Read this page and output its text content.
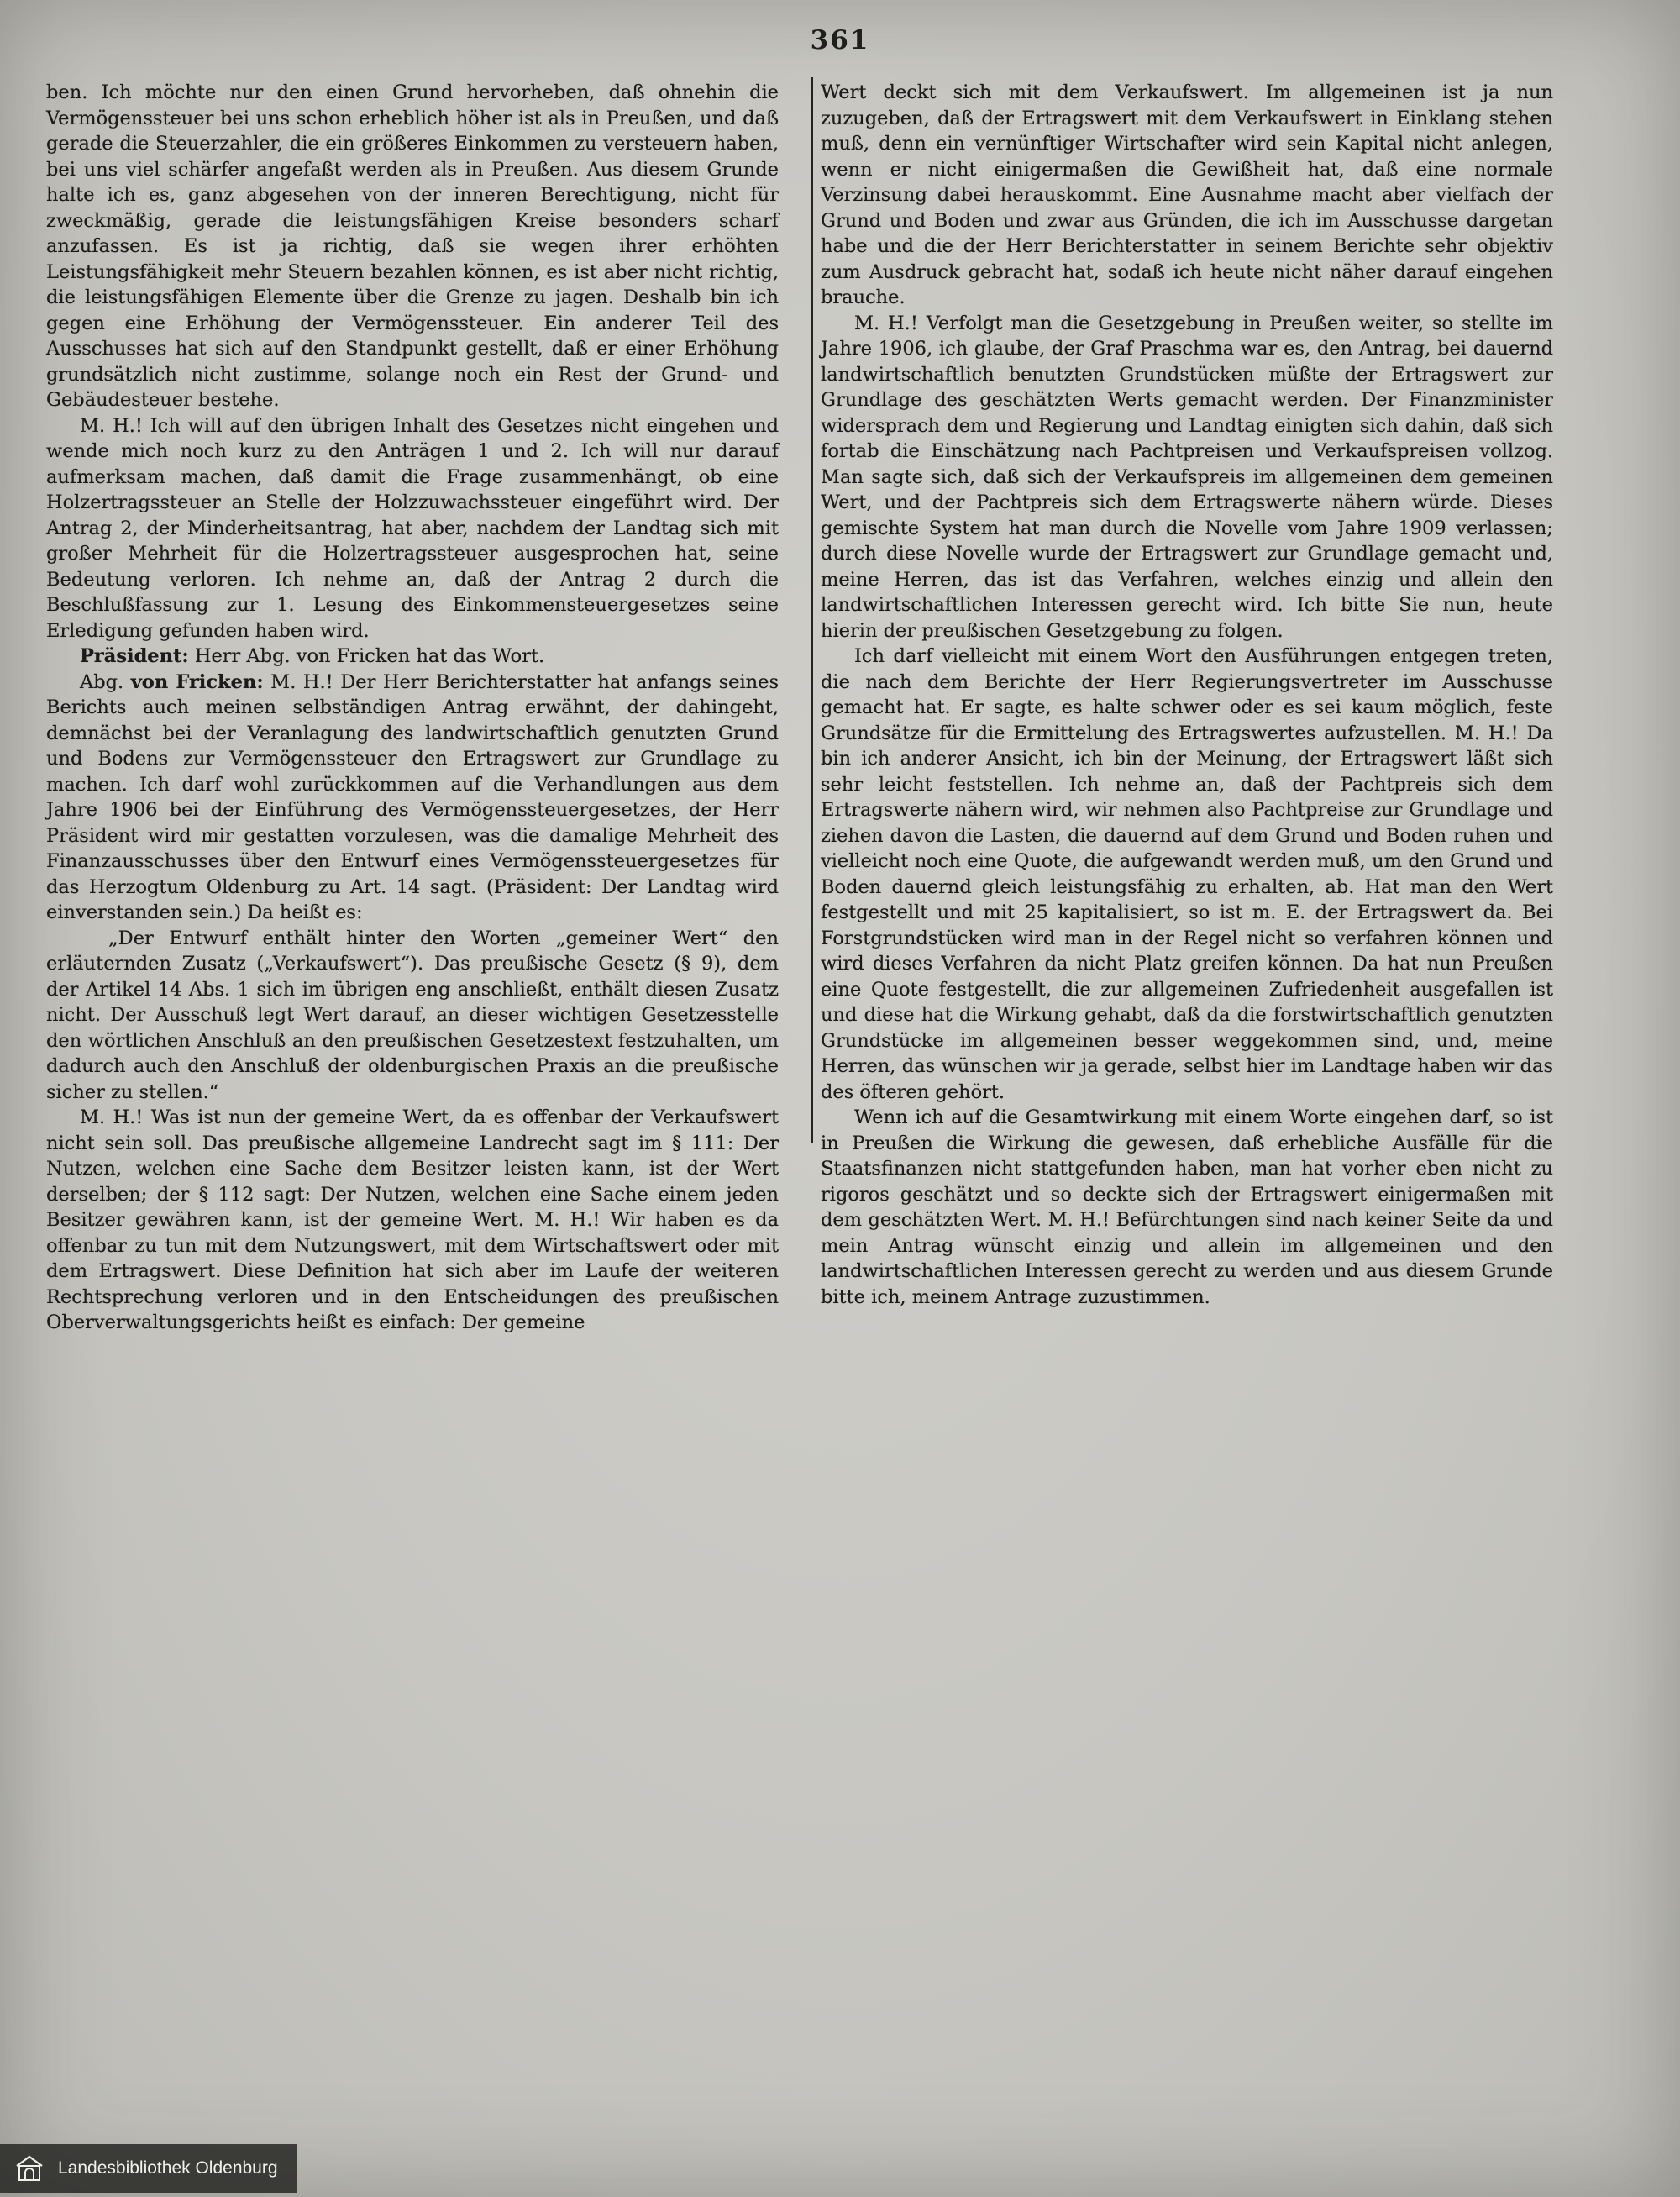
361

ben. Ich möchte nur den einen Grund hervorheben, daß ohnehin die Vermögenssteuer bei uns schon erheblich höher ist als in Preußen, und daß gerade die Steuerzahler, die ein größeres Einkommen zu versteuern haben, bei uns viel schärfer angefaßt werden als in Preußen. Aus diesem Grunde halte ich es, ganz abgesehen von der inneren Berechtigung, nicht für zweckmäßig, gerade die leistungsfähigen Kreise besonders scharf anzufassen. Es ist ja richtig, daß sie wegen ihrer erhöhten Leistungsfähigkeit mehr Steuern bezahlen können, es ist aber nicht richtig, die leistungsfähigen Elemente über die Grenze zu jagen. Deshalb bin ich gegen eine Erhöhung der Vermögenssteuer. Ein anderer Teil des Ausschusses hat sich auf den Standpunkt gestellt, daß er einer Erhöhung grundsätzlich nicht zustimme, solange noch ein Rest der Grund- und Gebäudesteuer bestehe.

M. H.! Ich will auf den übrigen Inhalt des Gesetzes nicht eingehen und wende mich noch kurz zu den Anträgen 1 und 2. Ich will nur darauf aufmerksam machen, daß damit die Frage zusammenhängt, ob eine Holzertragssteuer an Stelle der Holzzuwachssteuer eingeführt wird. Der Antrag 2, der Minderheitsantrag, hat aber, nachdem der Landtag sich mit großer Mehrheit für die Holzertragssteuer ausgesprochen hat, seine Bedeutung verloren. Ich nehme an, daß der Antrag 2 durch die Beschlußfassung zur 1. Lesung des Einkommensteuergesetzes seine Erledigung gefunden haben wird.

Präsident: Herr Abg. von Fricken hat das Wort.

Abg. von Fricken: M. H.! Der Herr Berichterstatter hat anfangs seines Berichts auch meinen selbständigen Antrag erwähnt, der dahingeht, demnächst bei der Veranlagung des landwirtschaftlich genutzten Grund und Bodens zur Vermögenssteuer den Ertragswert zur Grundlage zu machen. Ich darf wohl zurückkommen auf die Verhandlungen aus dem Jahre 1906 bei der Einführung des Vermögenssteuergesetzes, der Herr Präsident wird mir gestatten vorzulesen, was die damalige Mehrheit des Finanzausschusses über den Entwurf eines Vermögenssteuergesetzes für das Herzogtum Oldenburg zu Art. 14 sagt. (Präsident: Der Landtag wird einverstanden sein.) Da heißt es:

„Der Entwurf enthält hinter den Worten „gemeiner Wert“ den erläuternden Zusatz („Verkaufswert“). Das preußische Gesetz (§ 9), dem der Artikel 14 Abs. 1 sich im übrigen eng anschließt, enthält diesen Zusatz nicht. Der Ausschuß legt Wert darauf, an dieser wichtigen Gesetzesstelle den wörtlichen Anschluß an den preußischen Gesetzestext festzuhalten, um dadurch auch den Anschluß der oldenburgischen Praxis an die preußische sicher zu stellen.“

M. H.! Was ist nun der gemeine Wert, da es offenbar der Verkaufswert nicht sein soll. Das preußische allgemeine Landrecht sagt im § 111: Der Nutzen, welchen eine Sache dem Besitzer leisten kann, ist der Wert derselben; der § 112 sagt: Der Nutzen, welchen eine Sache einem jeden Besitzer gewähren kann, ist der gemeine Wert. M. H.! Wir haben es da offenbar zu tun mit dem Nutzungswert, mit dem Wirtschaftswert oder mit dem Ertragswert. Diese Definition hat sich aber im Laufe der weiteren Rechtsprechung verloren und in den Entscheidungen des preußischen Oberverwaltungsgerichts heißt es einfach: Der gemeine

Wert deckt sich mit dem Verkaufswert. Im allgemeinen ist ja nun zuzugeben, daß der Ertragswert mit dem Verkaufswert in Einklang stehen muß, denn ein vernünftiger Wirtschafter wird sein Kapital nicht anlegen, wenn er nicht einigermaßen die Gewißheit hat, daß eine normale Verzinsung dabei herauskommt. Eine Ausnahme macht aber vielfach der Grund und Boden und zwar aus Gründen, die ich im Ausschusse dargetan habe und die der Herr Berichterstatter in seinem Berichte sehr objektiv zum Ausdruck gebracht hat, sodaß ich heute nicht näher darauf eingehen brauche.

M. H.! Verfolgt man die Gesetzgebung in Preußen weiter, so stellte im Jahre 1906, ich glaube, der Graf Praschma war es, den Antrag, bei dauernd landwirtschaftlich benutzten Grundstücken müßte der Ertragswert zur Grundlage des geschätzten Werts gemacht werden. Der Finanzminister widersprach dem und Regierung und Landtag einigten sich dahin, daß sich fortab die Einschätzung nach Pachtpreisen und Verkaufspreisen vollzog. Man sagte sich, daß sich der Verkaufspreis im allgemeinen dem gemeinen Wert, und der Pachtpreis sich dem Ertragswerte nähern würde. Dieses gemischte System hat man durch die Novelle vom Jahre 1909 verlassen; durch diese Novelle wurde der Ertragswert zur Grundlage gemacht und, meine Herren, das ist das Verfahren, welches einzig und allein den landwirtschaftlichen Interessen gerecht wird. Ich bitte Sie nun, heute hierin der preußischen Gesetzgebung zu folgen.

Ich darf vielleicht mit einem Wort den Ausführungen entgegen treten, die nach dem Berichte der Herr Regierungsvertreter im Ausschusse gemacht hat. Er sagte, es halte schwer oder es sei kaum möglich, feste Grundsätze für die Ermittelung des Ertragswertes aufzustellen. M. H.! Da bin ich anderer Ansicht, ich bin der Meinung, der Ertragswert läßt sich sehr leicht feststellen. Ich nehme an, daß der Pachtpreis sich dem Ertragswerte nähern wird, wir nehmen also Pachtpreise zur Grundlage und ziehen davon die Lasten, die dauernd auf dem Grund und Boden ruhen und vielleicht noch eine Quote, die aufgewandt werden muß, um den Grund und Boden dauernd gleich leistungsfähig zu erhalten, ab. Hat man den Wert festgestellt und mit 25 kapitalisiert, so ist m. E. der Ertragswert da. Bei Forstgrundstücken wird man in der Regel nicht so verfahren können und wird dieses Verfahren da nicht Platz greifen können. Da hat nun Preußen eine Quote festgestellt, die zur allgemeinen Zufriedenheit ausgefallen ist und diese hat die Wirkung gehabt, daß da die forstwirtschaftlich genutzten Grundstücke im allgemeinen besser weggekommen sind, und, meine Herren, das wünschen wir ja gerade, selbst hier im Landtage haben wir das des öfteren gehört.

Wenn ich auf die Gesamtwirkung mit einem Worte eingehen darf, so ist in Preußen die Wirkung die gewesen, daß erhebliche Ausfälle für die Staatsfinanzen nicht stattgefunden haben, man hat vorher eben nicht zu rigoros geschätzt und so deckte sich der Ertragswert einigermaßen mit dem geschätzten Wert. M. H.! Befürchtungen sind nach keiner Seite da und mein Antrag wünscht einzig und allein im allgemeinen und den landwirtschaftlichen Interessen gerecht zu werden und aus diesem Grunde bitte ich, meinem Antrage zuzustimmen.

Landesbibliothek Oldenburg
